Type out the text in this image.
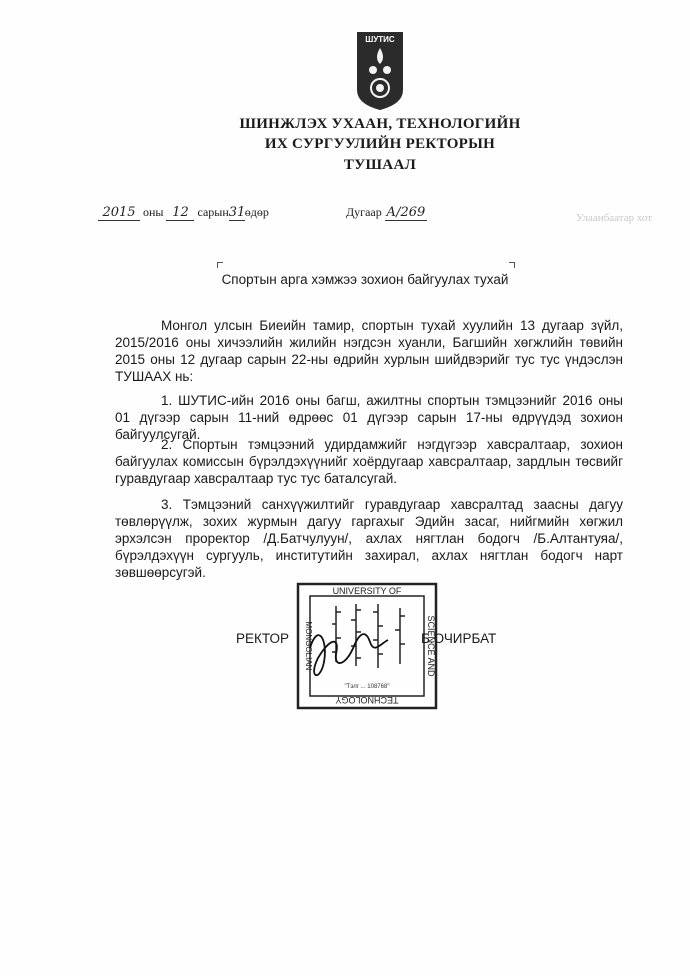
ШУТИС
ШИНЖЛЭХ УХААН, ТЕХНОЛОГИЙН
ИХ СУРГУУЛИЙН РЕКТОРЫН
ТУШААЛ
2015 оны 12 сарын31өдөр	Дугаар А/269	Улаанбаатар хот
Спортын арга хэмжээ зохион байгуулах тухай
Монгол улсын Биеийн тамир, спортын тухай хуулийн 13 дугаар зүйл, 2015/2016 оны хичээлийн жилийн нэгдсэн хуанли, Багшийн хөгжлийн төвийн 2015 оны 12 дугаар сарын 22-ны өдрийн хурлын шийдвэрийг тус тус үндэслэн ТУШААХ нь:
1. ШУТИС-ийн 2016 оны багш, ажилтны спортын тэмцээнийг 2016 оны 01 дүгээр сарын 11-ний өдрөөс 01 дүгээр сарын 17-ны өдрүүдэд зохион байгуулсугай.
2. Спортын тэмцээний удирдамжийг нэгдүгээр хавсралтаар, зохион байгуулах комиссын бүрэлдэхүүнийг хоёрдугаар хавсралтаар, зардлын төсвийг гуравдугаар хавсралтаар тус тус баталсугай.
3. Тэмцээний санхүүжилтийг гуравдугаар хавсралтад заасны дагуу төвлөрүүлж, зохих журмын дагуу гаргахыг Эдийн засаг, нийгмийн хөгжил эрхэлсэн проректор /Д.Батчулуун/, ахлах нягтлан бодогч /Б.Алтантуяа/, бүрэлдэхүүн сургууль, институтийн захирал, ахлах нягтлан бодогч нарт зөвшөөрсугэй.
UNIVERSITY OF
TECHNOLOGY
SCIENCE AND
MONGOLIAN
"Тэлг ... 108768"
РЕКТОР	Б.ОЧИРБАТ
